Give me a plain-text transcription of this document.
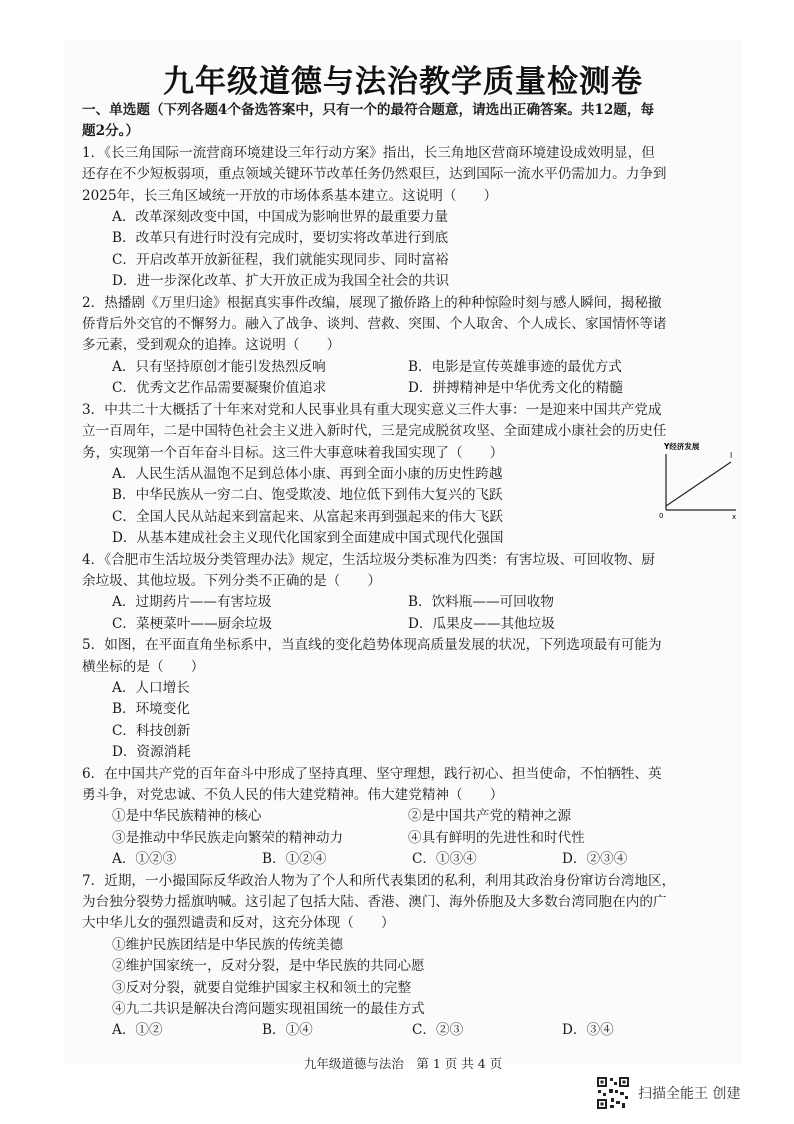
九年级道德与法治教学质量检测卷
一、单选题（下列各题4个备选答案中，只有一个的最符合题意，请选出正确答案。共12题，每
题2分。）
1．《长三角国际一流营商环境建设三年行动方案》指出，长三角地区营商环境建设成效明显，但
还存在不少短板弱项，重点领域关键环节改革任务仍然艰巨，达到国际一流水平仍需加力。力争到
2025年，长三角区域统一开放的市场体系基本建立。这说明（　　）
A．改革深刻改变中国，中国成为影响世界的最重要力量
B．改革只有进行时没有完成时，要切实将改革进行到底
C．开启改革开放新征程，我们就能实现同步、同时富裕
D．进一步深化改革、扩大开放正成为我国全社会的共识
2．热播剧《万里归途》根据真实事件改编，展现了撤侨路上的种种惊险时刻与感人瞬间，揭秘撤
侨背后外交官的不懈努力。融入了战争、谈判、营救、突围、个人取舍、个人成长、家国情怀等诸
多元素，受到观众的追捧。这说明（　　）
A．只有坚持原创才能引发热烈反响	B．电影是宣传英雄事迹的最优方式
C．优秀文艺作品需要凝聚价值追求	D．拼搏精神是中华优秀文化的精髓
3．中共二十大概括了十年来对党和人民事业具有重大现实意义三件大事：一是迎来中国共产党成
立一百周年，二是中国特色社会主义进入新时代，三是完成脱贫攻坚、全面建成小康社会的历史任
务，实现第一个百年奋斗目标。这三件大事意味着我国实现了（　　）
A．人民生活从温饱不足到总体小康、再到全面小康的历史性跨越
B．中华民族从一穷二白、饱受欺凌、地位低下到伟大复兴的飞跃
C．全国人民从站起来到富起来、从富起来再到强起来的伟大飞跃
D．从基本建成社会主义现代化国家到全面建成中国式现代化强国
4．《合肥市生活垃圾分类管理办法》规定，生活垃圾分类标准为四类：有害垃圾、可回收物、厨
余垃圾、其他垃圾。下列分类不正确的是（　　）
A．过期药片——有害垃圾	B．饮料瓶——可回收物
C．菜梗菜叶——厨余垃圾	D．瓜果皮——其他垃圾
5．如图，在平面直角坐标系中，当直线的变化趋势体现高质量发展的状况，下列选项最有可能为
横坐标的是（　　）
A．人口增长
B．环境变化
C．科技创新
D．资源消耗
6．在中国共产党的百年奋斗中形成了坚持真理、坚守理想，践行初心、担当使命，不怕牺牲、英
勇斗争，对党忠诚、不负人民的伟大建党精神。伟大建党精神（　　）
①是中华民族精神的核心	②是中国共产党的精神之源
③是推动中华民族走向繁荣的精神动力	④具有鲜明的先进性和时代性
A．①②③	B．①②④	C．①③④	D．②③④
7．近期，一小撮国际反华政治人物为了个人和所代表集团的私利，利用其政治身份窜访台湾地区，
为台独分裂势力摇旗呐喊。这引起了包括大陆、香港、澳门、海外侨胞及大多数台湾同胞在内的广
大中华儿女的强烈谴责和反对，这充分体现（　　）
①维护民族团结是中华民族的传统美德
②维护国家统一，反对分裂，是中华民族的共同心愿
③反对分裂，就要自觉维护国家主权和领土的完整
④九二共识是解决台湾问题实现祖国统一的最佳方式
A．①②	B．①④	C．②③	D．③④
Y经济发展
l
0	x
九年级道德与法治　第 1 页 共 4 页
扫描全能王 创建
